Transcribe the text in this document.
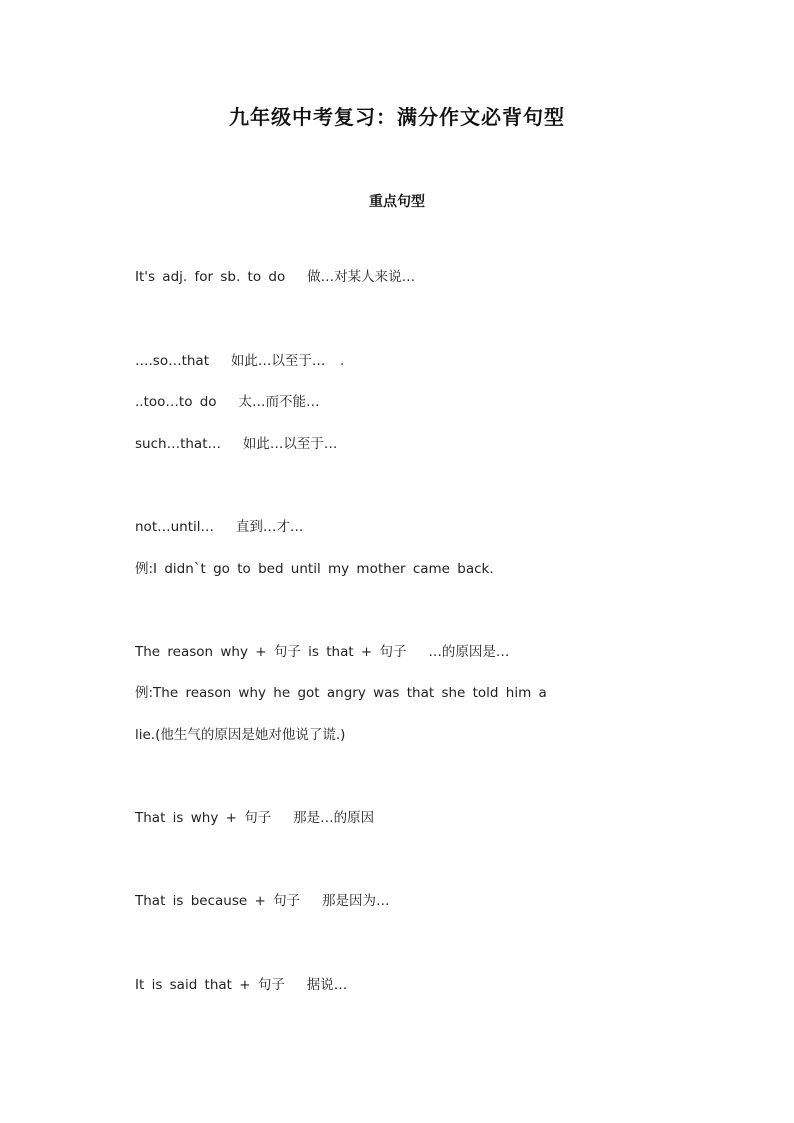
九年级中考复习：满分作文必背句型
重点句型
It's adj. for sb. to do   做…对某人来说…
….so…that   如此…以至于…  .
..too…to do   太…而不能…
such…that…   如此…以至于…
not…until…   直到…才…
例:I didn`t go to bed until my mother came back.
The reason why + 句子 is that + 句子   …的原因是…
例:The reason why he got angry was that she told him a
lie.(他生气的原因是她对他说了谎.)
That is why + 句子   那是…的原因
That is because + 句子   那是因为…
It is said that + 句子   据说…
